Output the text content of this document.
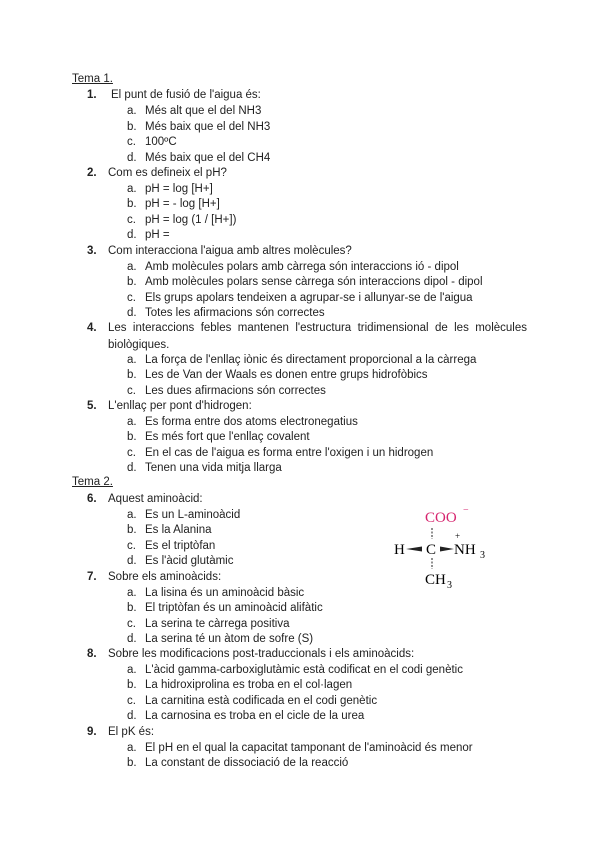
Tema 1.
1. El punt de fusió de l'aigua és:
a. Més alt que el del NH3
b. Més baix que el del NH3
c. 100ºC
d. Més baix que el del CH4
2. Com es defineix el pH?
a. pH = log [H+]
b. pH = - log [H+]
c. pH = log (1 / [H+])
d. pH =
3. Com interacciona l'aigua amb altres molècules?
a. Amb molècules polars amb càrrega són interaccions ió - dipol
b. Amb molècules polars sense càrrega són interaccions dipol - dipol
c. Els grups apolars tendeixen a agrupar-se i allunyar-se de l'aigua
d. Totes les afirmacions són correctes
4. Les interaccions febles mantenen l'estructura tridimensional de les molècules biològiques.
a. La força de l'enllaç iònic és directament proporcional a la càrrega
b. Les de Van der Waals es donen entre grups hidrofòbics
c. Les dues afirmacions són correctes
5. L'enllaç per pont d'hidrogen:
a. Es forma entre dos atoms electronegatius
b. Es més fort que l'enllaç covalent
c. En el cas de l'aigua es forma entre l'oxigen i un hidrogen
d. Tenen una vida mitja llarga
Tema 2.
6. Aquest aminoàcid:
a. Es un L-aminoàcid
b. Es la Alanina
c. Es el triptòfan
d. Es l'àcid glutàmic
COO −
H C
+
NH 3
CH 3
7. Sobre els aminoàcids:
a. La lisina és un aminoàcid bàsic
b. El triptòfan és un aminoàcid alifàtic
c. La serina te càrrega positiva
d. La serina té un àtom de sofre (S)
8. Sobre les modificacions post-traduccionals i els aminoàcids:
a. L'àcid gamma-carboxiglutàmic està codificat en el codi genètic
b. La hidroxiprolina es troba en el col·lagen
c. La carnitina està codificada en el codi genètic
d. La carnosina es troba en el cicle de la urea
9. El pK és:
a. El pH en el qual la capacitat tamponant de l'aminoàcid és menor
b. La constant de dissociació de la reacció
